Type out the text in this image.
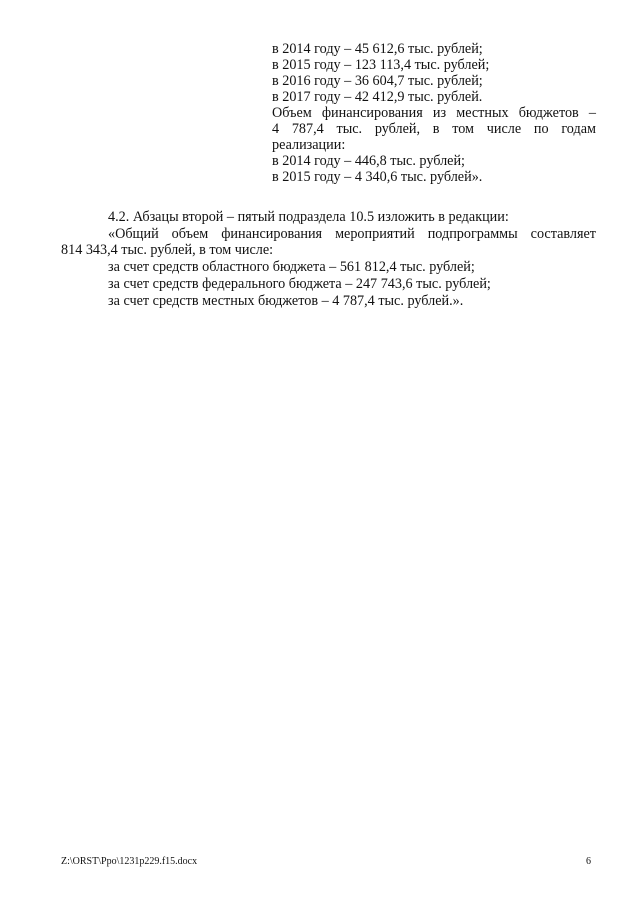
в 2014 году – 45 612,6 тыс. рублей;
в 2015 году – 123 113,4 тыс. рублей;
в 2016 году – 36 604,7 тыс. рублей;
в 2017 году – 42 412,9 тыс. рублей.
Объем финансирования из местных бюджетов –
4 787,4 тыс. рублей, в том числе по годам
реализации:
в 2014 году – 446,8 тыс. рублей;
в 2015 году – 4 340,6 тыс. рублей».
4.2. Абзацы второй – пятый подраздела 10.5 изложить в редакции:
«Общий объем финансирования мероприятий подпрограммы составляет
814 343,4 тыс. рублей, в том числе:
за счет средств областного бюджета – 561 812,4 тыс. рублей;
за счет средств федерального бюджета – 247 743,6 тыс. рублей;
за счет средств местных бюджетов – 4 787,4 тыс. рублей.».
Z:\ORST\Ppo\1231p229.f15.docx	6
